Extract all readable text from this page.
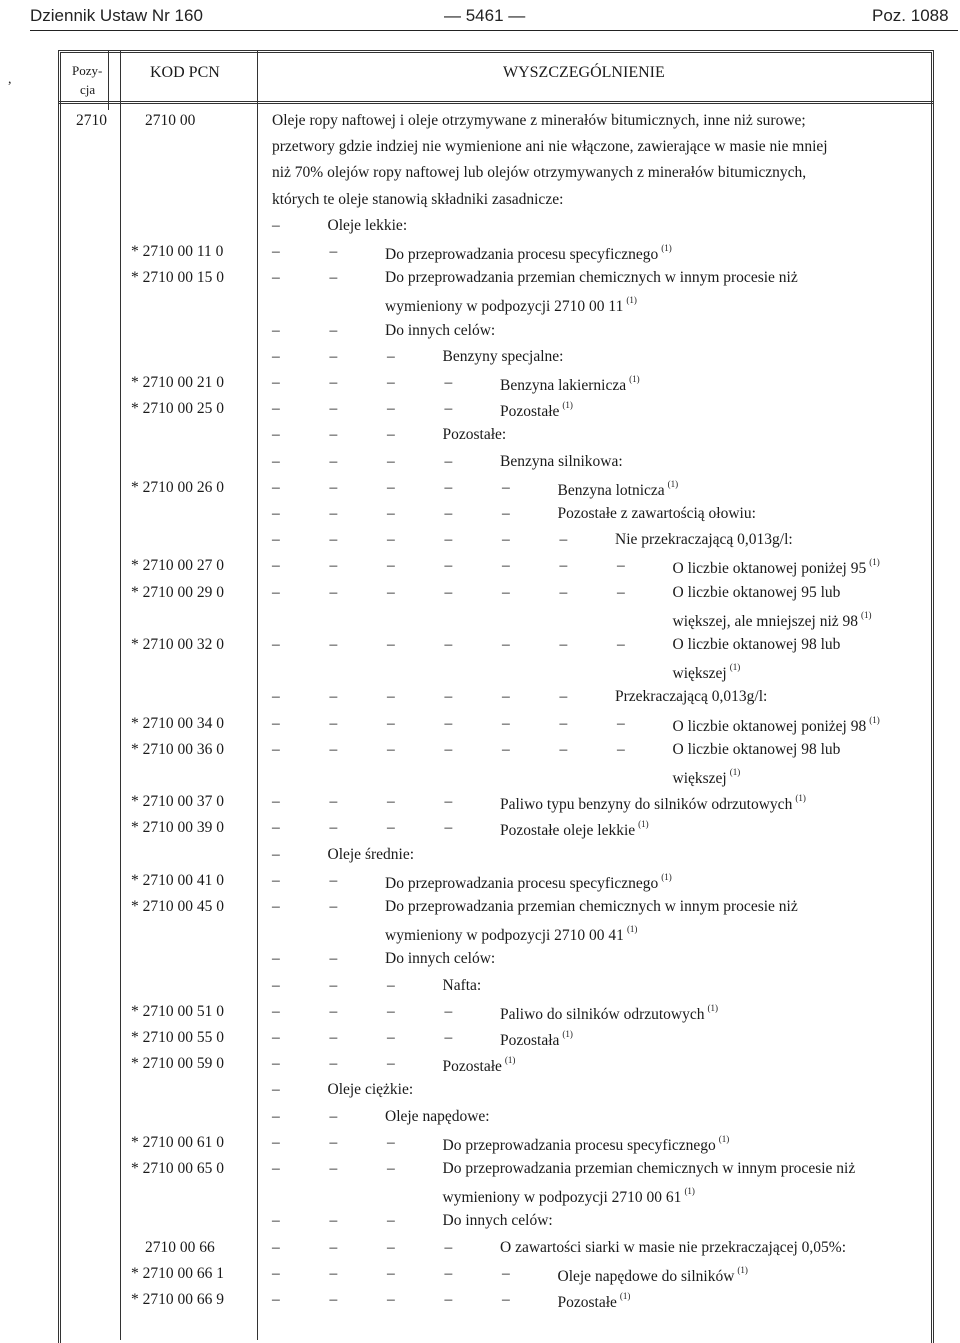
Dziennik Ustaw Nr 160	— 5461 —	Poz. 1088
,
Pozy-
cja
KOD PCN	WYSZCZEGÓLNIENIE
2710 2710 00	Oleje ropy naftowej i oleje otrzymywane z minerałów bitumicznych, inne niż surowe;
przetwory gdzie indziej nie wymienione ani nie włączone, zawierające w masie nie mniej
niż 70% olejów ropy naftowej lub olejów otrzymywanych z minerałów bitumicznych,
których te oleje stanowią składniki zasadnicze:
–	Oleje lekkie:
* 2710 00 11 0	–	–	Do przeprowadzania procesu specyficznego $^{(1)}$
* 2710 00 15 0	–	–	Do przeprowadzania przemian chemicznych w innym procesie niż
wymieniony w podpozycji 2710 00 11 $^{(1)}$
–	–	Do innych celów:
–	–	–	Benzyny specjalne:
* 2710 00 21 0	–	–	–	–	Benzyna lakiernicza $^{(1)}$
* 2710 00 25 0	–	–	–	–	Pozostałe $^{(1)}$
–	–	–	Pozostałe:
–	–	–	–	Benzyna silnikowa:
* 2710 00 26 0	–	–	–	–	–	Benzyna lotnicza $^{(1)}$
–	–	–	–	–	Pozostałe z zawartością ołowiu:
–	–	–	–	–	–	Nie przekraczającą 0,013g/l:
* 2710 00 27 0	–	–	–	–	–	–	–	O liczbie oktanowej poniżej 95 $^{(1)}$
* 2710 00 29 0	–	–	–	–	–	–	–	O liczbie oktanowej 95 lub
większej, ale mniejszej niż 98 $^{(1)}$
* 2710 00 32 0	–	–	–	–	–	–	–	O liczbie oktanowej 98 lub
większej $^{(1)}$
–	–	–	–	–	–	Przekraczającą 0,013g/l:
* 2710 00 34 0	–	–	–	–	–	–	–	O liczbie oktanowej poniżej 98 $^{(1)}$
* 2710 00 36 0	–	–	–	–	–	–	–	O liczbie oktanowej 98 lub
większej $^{(1)}$
* 2710 00 37 0	–	–	–	–	Paliwo typu benzyny do silników odrzutowych $^{(1)}$
* 2710 00 39 0	–	–	–	–	Pozostałe oleje lekkie $^{(1)}$
–	Oleje średnie:
* 2710 00 41 0	–	–	Do przeprowadzania procesu specyficznego $^{(1)}$
* 2710 00 45 0	–	–	Do przeprowadzania przemian chemicznych w innym procesie niż
wymieniony w podpozycji 2710 00 41 $^{(1)}$
–	–	Do innych celów:
–	–	–	Nafta:
* 2710 00 51 0	–	–	–	–	Paliwo do silników odrzutowych $^{(1)}$
* 2710 00 55 0	–	–	–	–	Pozostała $^{(1)}$
* 2710 00 59 0	–	–	–	Pozostałe $^{(1)}$
–	Oleje ciężkie:
–	–	Oleje napędowe:
* 2710 00 61 0	–	–	–	Do przeprowadzania procesu specyficznego $^{(1)}$
* 2710 00 65 0	–	–	–	Do przeprowadzania przemian chemicznych w innym procesie niż
wymieniony w podpozycji 2710 00 61 $^{(1)}$
–	–	–	Do innych celów:
2710 00 66	–	–	–	–	O zawartości siarki w masie nie przekraczającej 0,05%:
* 2710 00 66 1	–	–	–	–	–	Oleje napędowe do silników $^{(1)}$
* 2710 00 66 9	–	–	–	–	–	Pozostałe $^{(1)}$
